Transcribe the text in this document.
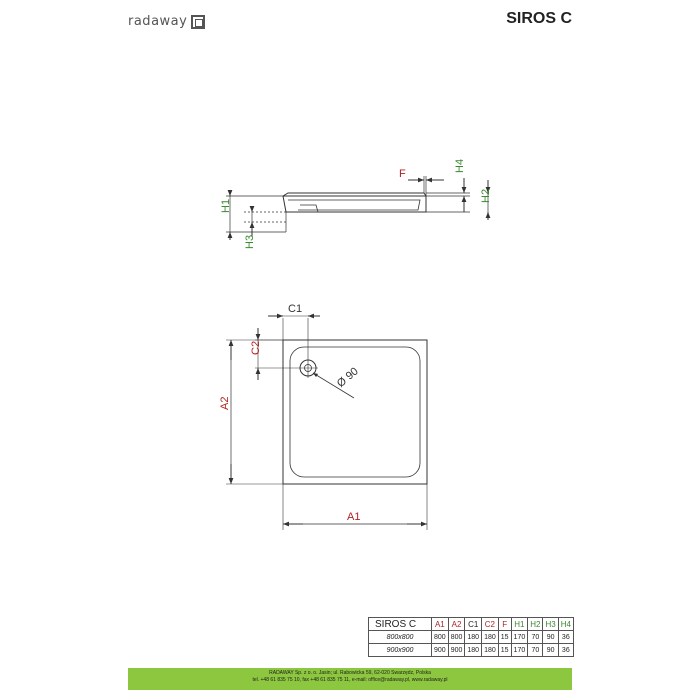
radaway	SIROS C
F
H1
H3
H4
H2
C1
C2
A2
A1
Ø 90
SIROS C	A1	A2	C1	C2	F	H1	H2	H3	H4
800x800	800	800	180	180	15	170	70	90	36
900x900	900	900	180	180	15	170	70	90	36
RADAWAY Sp. z o. o. Jasin; ul. Rabowicka 59, 62-020 Swarzędz, Polska
tel. +48 61 835 75 10, fax +48 61 835 75 11, e-mail: office@radaway.pl, www.radaway.pl
